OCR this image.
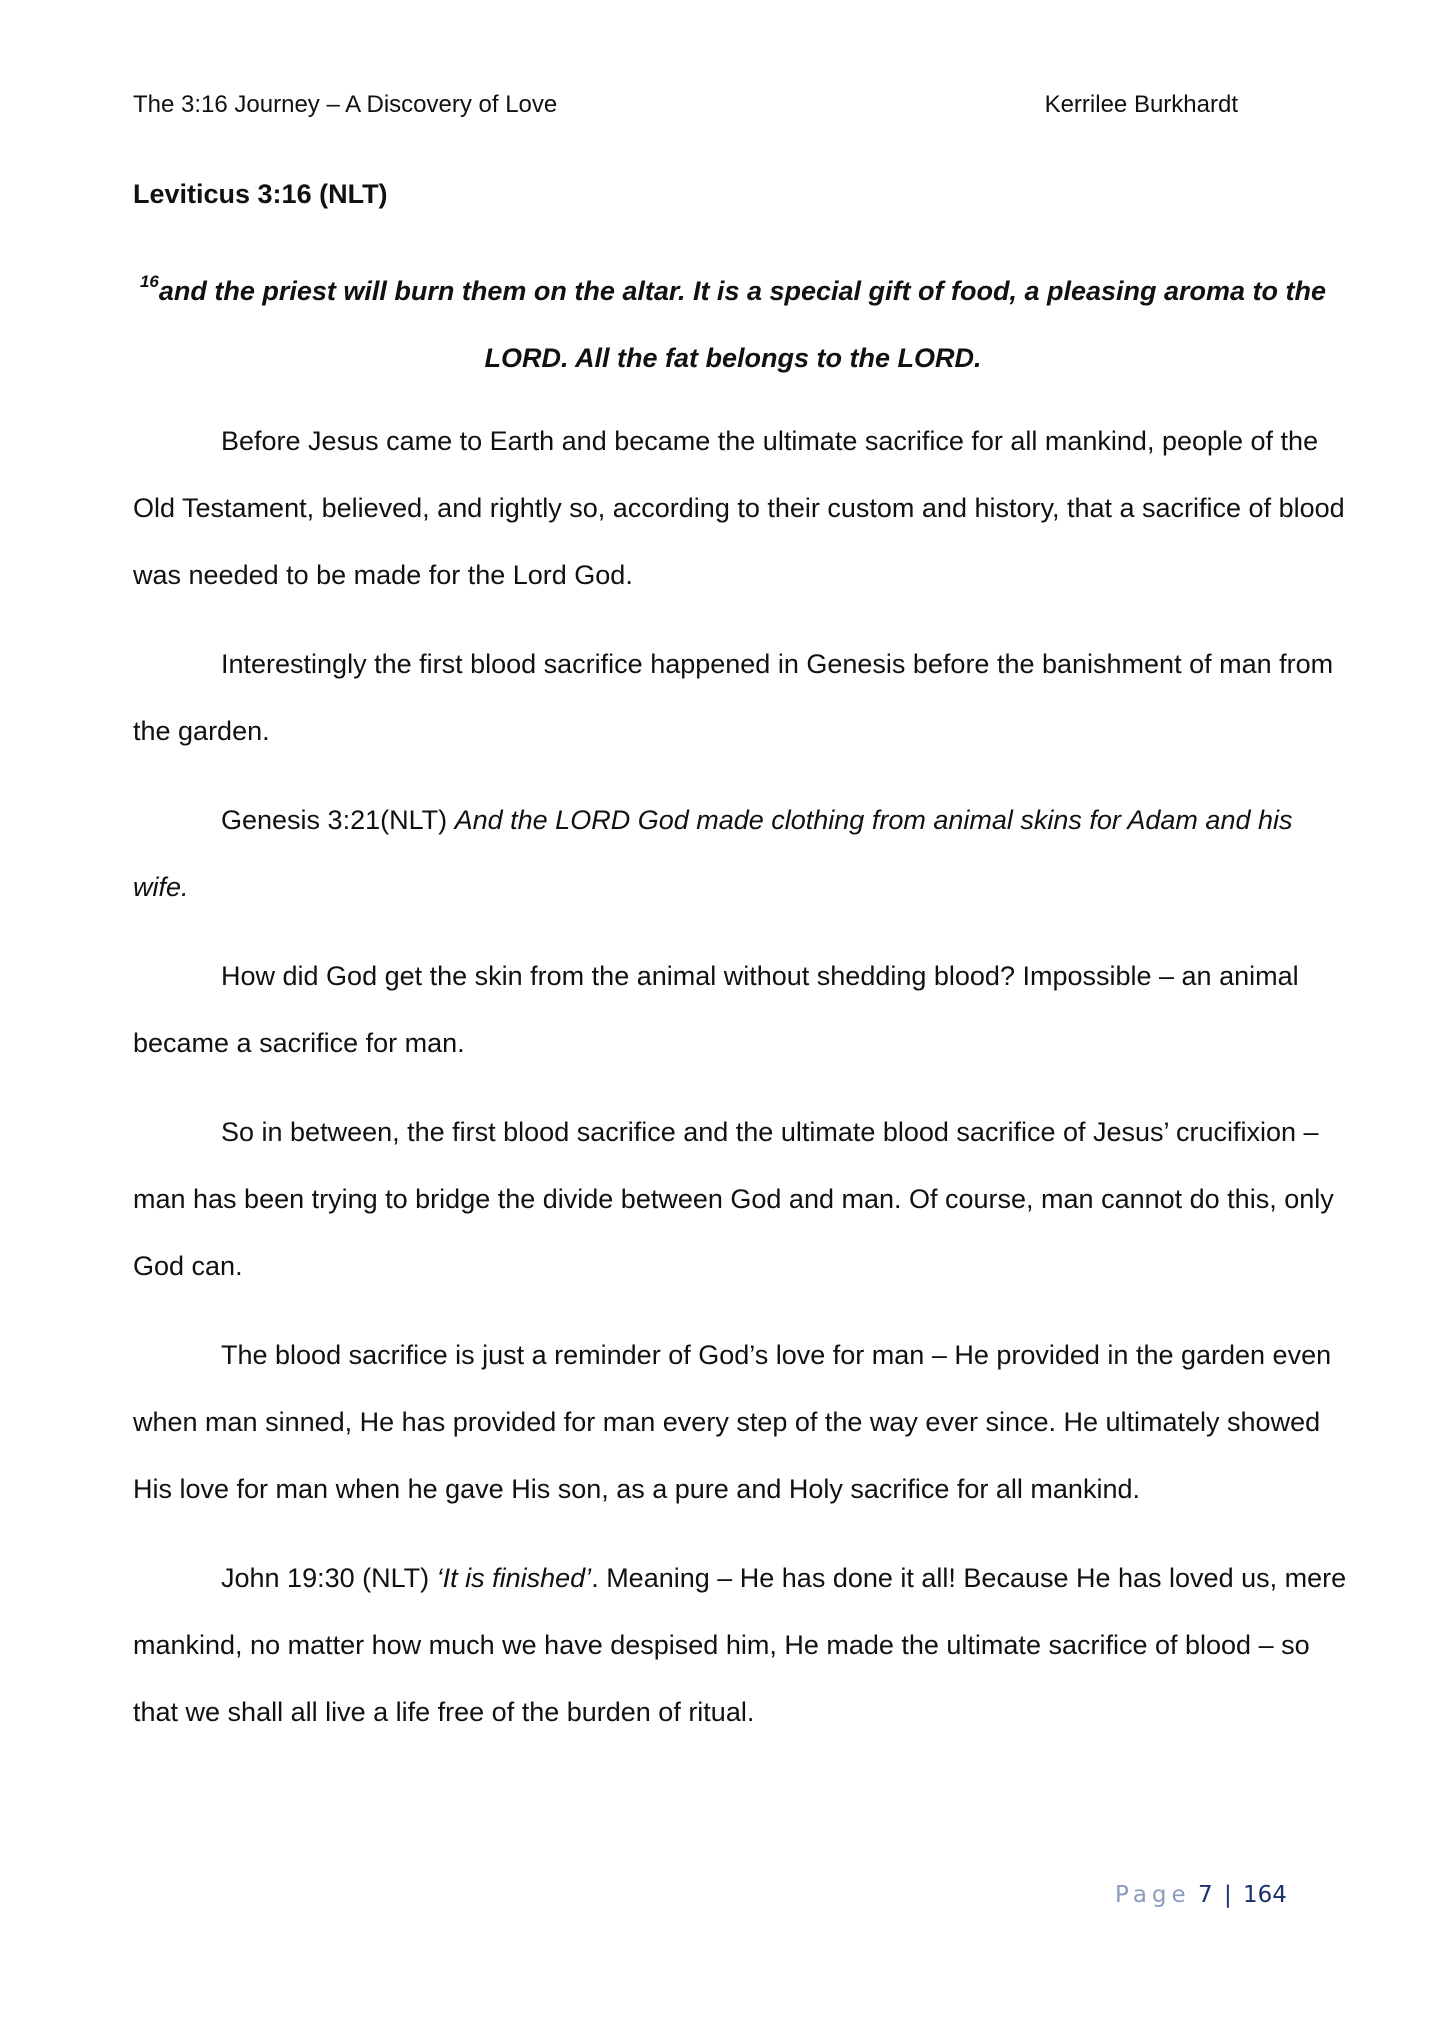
The 3:16 Journey – A Discovery of Love	Kerrilee Burkhardt
Leviticus 3:16 (NLT)
$^{16}$and the priest will burn them on the altar. It is a special gift of food, a pleasing aroma to the LORD. All the fat belongs to the LORD.

Before Jesus came to Earth and became the ultimate sacrifice for all mankind, people of the Old Testament, believed, and rightly so, according to their custom and history, that a sacrifice of blood was needed to be made for the Lord God.

Interestingly the first blood sacrifice happened in Genesis before the banishment of man from the garden.

Genesis 3:21(NLT) And the LORD God made clothing from animal skins for Adam and his wife.

How did God get the skin from the animal without shedding blood? Impossible – an animal became a sacrifice for man.

So in between, the first blood sacrifice and the ultimate blood sacrifice of Jesus’ crucifixion – man has been trying to bridge the divide between God and man. Of course, man cannot do this, only God can.

The blood sacrifice is just a reminder of God’s love for man – He provided in the garden even when man sinned, He has provided for man every step of the way ever since. He ultimately showed His love for man when he gave His son, as a pure and Holy sacrifice for all mankind.

John 19:30 (NLT) ‘It is finished’. Meaning – He has done it all! Because He has loved us, mere mankind, no matter how much we have despised him, He made the ultimate sacrifice of blood – so that we shall all live a life free of the burden of ritual.

Page 7 | 164
